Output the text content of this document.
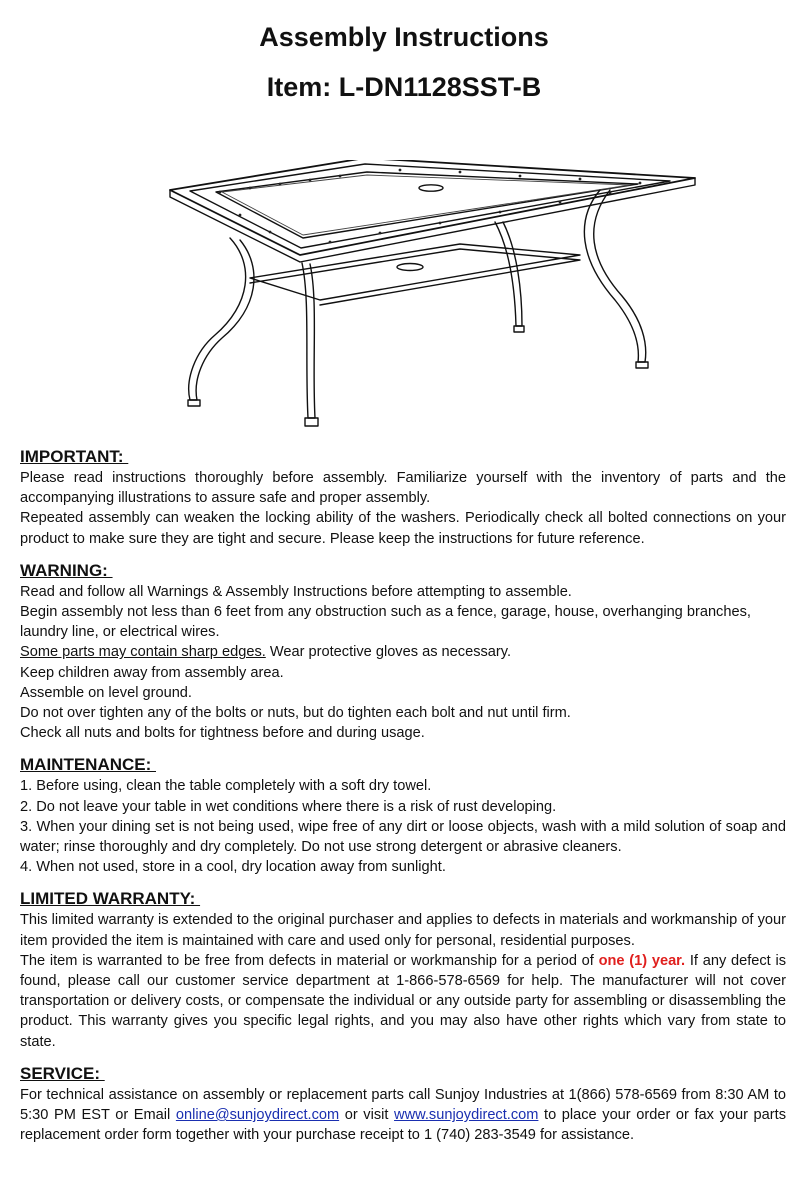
Assembly Instructions
Item: L-DN1128SST-B
IMPORTANT:

Please read instructions thoroughly before assembly. Familiarize yourself with the inventory of parts and the accompanying illustrations to assure safe and proper assembly.

Repeated assembly can weaken the locking ability of the washers. Periodically check all bolted connections on your product to make sure they are tight and secure. Please keep the instructions for future reference.

WARNING:

Read and follow all Warnings & Assembly Instructions before attempting to assemble.

Begin assembly not less than 6 feet from any obstruction such as a fence, garage, house, overhanging branches, laundry line, or electrical wires.

Some parts may contain sharp edges. Wear protective gloves as necessary.

Keep children away from assembly area.

Assemble on level ground.

Do not over tighten any of the bolts or nuts, but do tighten each bolt and nut until firm.

Check all nuts and bolts for tightness before and during usage.

MAINTENANCE:

1. Before using, clean the table completely with a soft dry towel.

2. Do not leave your table in wet conditions where there is a risk of rust developing.

3. When your dining set is not being used, wipe free of any dirt or loose objects, wash with a mild solution of soap and water; rinse thoroughly and dry completely. Do not use strong detergent or abrasive cleaners.

4. When not used, store in a cool, dry location away from sunlight.

LIMITED WARRANTY:

This limited warranty is extended to the original purchaser and applies to defects in materials and workmanship of your item provided the item is maintained with care and used only for personal, residential purposes.

The item is warranted to be free from defects in material or workmanship for a period of one (1) year. If any defect is found, please call our customer service department at 1-866-578-6569 for help. The manufacturer will not cover transportation or delivery costs, or compensate the individual or any outside party for assembling or disassembling the product. This warranty gives you specific legal rights, and you may also have other rights which vary from state to state.

SERVICE:

For technical assistance on assembly or replacement parts call Sunjoy Industries at 1(866) 578-6569 from 8:30 AM to 5:30 PM EST or Email online@sunjoydirect.com or visit www.sunjoydirect.com to place your order or fax your parts replacement order form together with your purchase receipt to 1 (740) 283-3549 for assistance.
